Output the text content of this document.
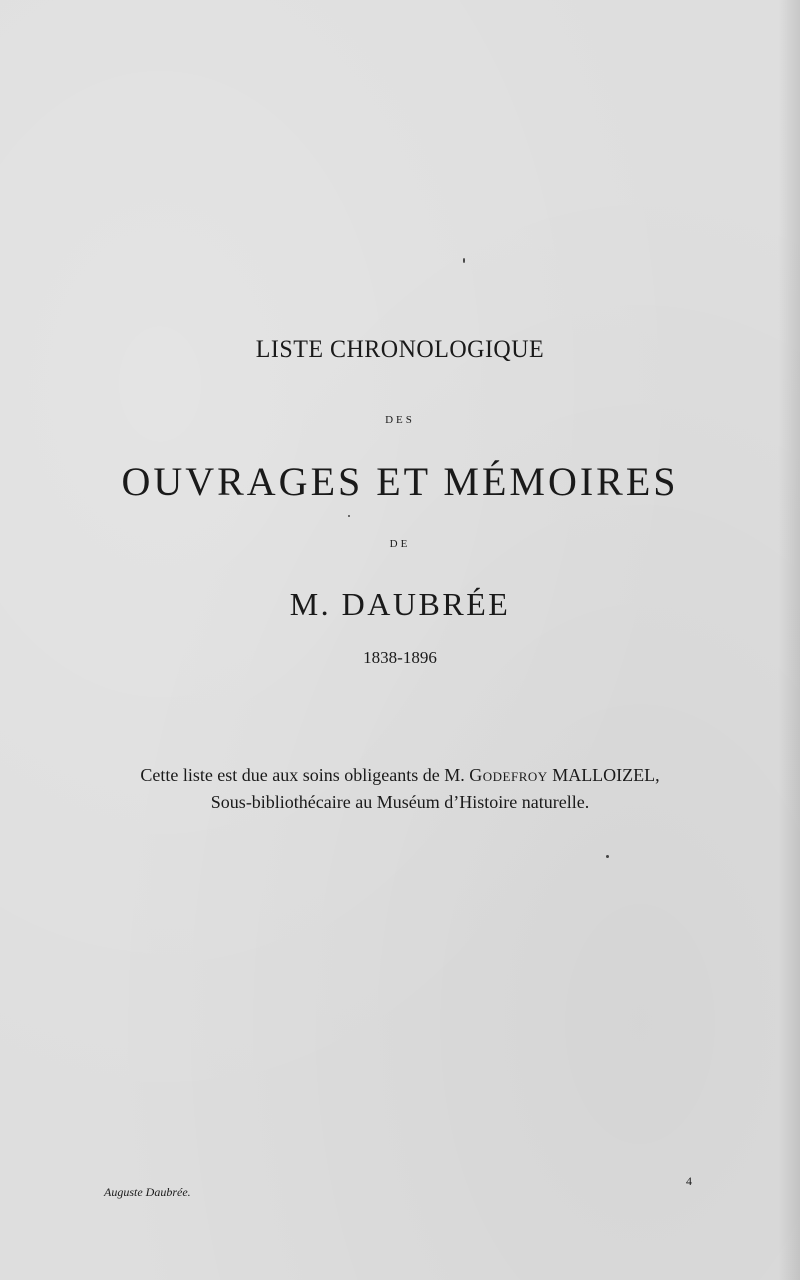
LISTE CHRONOLOGIQUE
DES
OUVRAGES ET MÉMOIRES
DE
M. DAUBRÉE
1838-1896
Cette liste est due aux soins obligeants de M. Godefroy MALLOIZEL,
Sous-bibliothécaire au Muséum d’Histoire naturelle.
Auguste Daubrée.
4
